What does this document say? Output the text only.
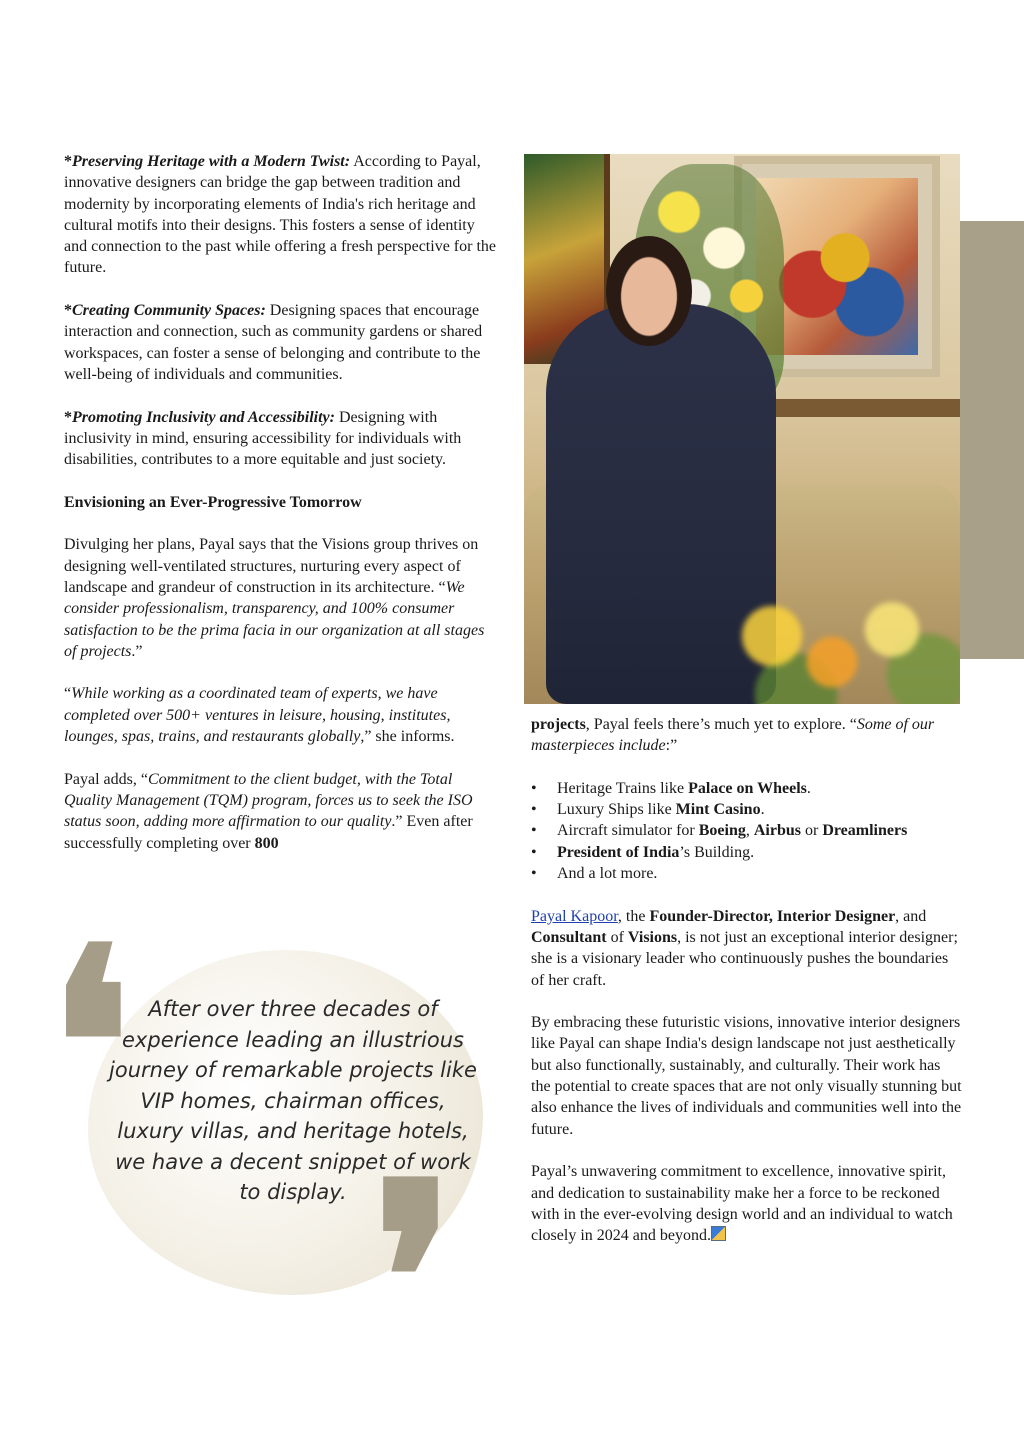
*Preserving Heritage with a Modern Twist: According to Payal, innovative designers can bridge the gap between tradition and modernity by incorporating elements of India's rich heritage and cultural motifs into their designs. This fosters a sense of identity and connection to the past while offering a fresh perspective for the future.

*Creating Community Spaces: Designing spaces that encourage interaction and connection, such as community gardens or shared workspaces, can foster a sense of belonging and contribute to the well-being of individuals and communities.

*Promoting Inclusivity and Accessibility: Designing with inclusivity in mind, ensuring accessibility for individuals with disabilities, contributes to a more equitable and just society.

Envisioning an Ever-Progressive Tomorrow

Divulging her plans, Payal says that the Visions group thrives on designing well-ventilated structures, nurturing every aspect of landscape and grandeur of construction in its architecture. “We consider professionalism, transparency, and 100% consumer satisfaction to be the prima facia in our organization at all stages of projects.”

“While working as a coordinated team of experts, we have completed over 500+ ventures in leisure, housing, institutes, lounges, spas, trains, and restaurants globally,” she informs.

Payal adds, “Commitment to the client budget, with the Total Quality Management (TQM) program, forces us to seek the ISO status soon, adding more affirmation to our quality.” Even after successfully completing over 800

❛ After over three decades of experience leading an illustrious journey of remarkable projects like VIP homes, chairman offices, luxury villas, and heritage hotels, we have a decent snippet of work to display. ❜

projects, Payal feels there’s much yet to explore. “Some of our masterpieces include:”

• Heritage Trains like Palace on Wheels.
• Luxury Ships like Mint Casino.
• Aircraft simulator for Boeing, Airbus or Dreamliners
• President of India’s Building.
• And a lot more.

Payal Kapoor, the Founder-Director, Interior Designer, and Consultant of Visions, is not just an exceptional interior designer; she is a visionary leader who continuously pushes the boundaries of her craft.

By embracing these futuristic visions, innovative interior designers like Payal can shape India's design landscape not just aesthetically but also functionally, sustainably, and culturally. Their work has the potential to create spaces that are not only visually stunning but also enhance the lives of individuals and communities well into the future.

Payal’s unwavering commitment to excellence, innovative spirit, and dedication to sustainability make her a force to be reckoned with in the ever-evolving design world and an individual to watch closely in 2024 and beyond.
